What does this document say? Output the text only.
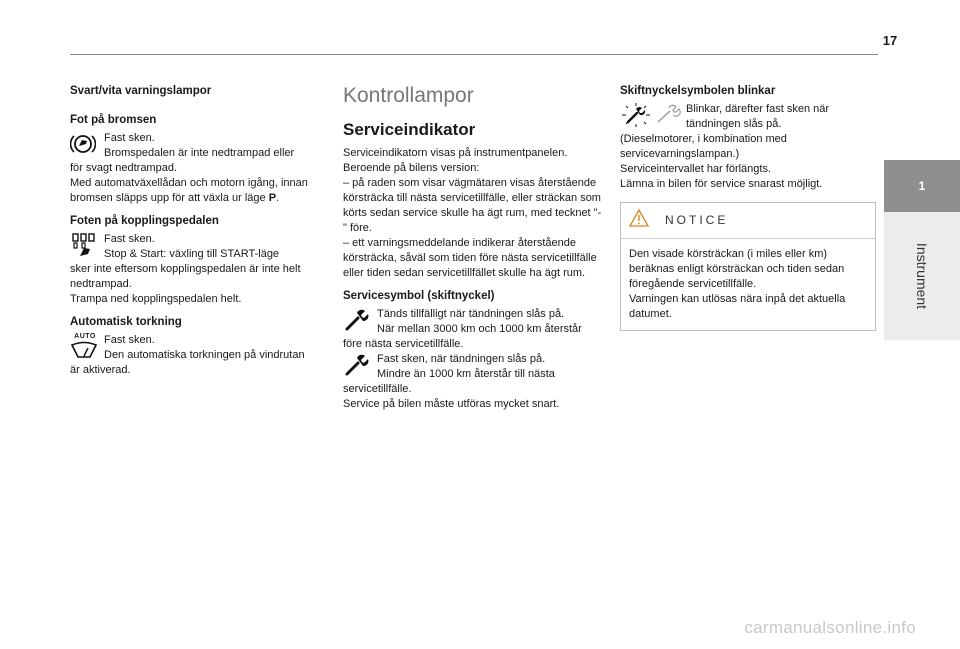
17
1
Instrument
Svart/vita varningslampor
Fot på bromsen
Fast sken.
Bromspedalen är inte nedtrampad eller
för svagt nedtrampad.
Med automatväxellådan och motorn igång, innan bromsen släpps upp för att växla ur läge P.
Foten på kopplingspedalen
Fast sken.
Stop & Start: växling till START-läge
sker inte eftersom kopplingspedalen är inte helt nedtrampad.
Trampa ned kopplingspedalen helt.
Automatisk torkning
AUTO Fast sken.
Den automatiska torkningen på vindrutan
är aktiverad.
Kontrollampor
Serviceindikator
Serviceindikatorn visas på instrumentpanelen.
Beroende på bilens version:
– på raden som visar vägmätaren visas återstående körsträcka till nästa servicetillfälle, eller sträckan som körts sedan service skulle ha ägt rum, med tecknet "-" före.
– ett varningsmeddelande indikerar återstående körsträcka, såväl som tiden före nästa servicetillfälle eller tiden sedan servicetillfället skulle ha ägt rum.
Servicesymbol (skiftnyckel)
Tänds tillfälligt när tändningen slås på.
När mellan 3000 km och 1000 km återstår
före nästa servicetillfälle.
Fast sken, när tändningen slås på.
Mindre än 1000 km återstår till nästa
servicetillfälle.
Service på bilen måste utföras mycket snart.
Skiftnyckelsymbolen blinkar
Blinkar, därefter fast sken när
tändningen slås på.
(Dieselmotorer, i kombination med servicevarningslampan.)
Serviceintervallet har förlängts.
Lämna in bilen för service snarast möjligt.
NOTICE
Den visade körsträckan (i miles eller km) beräknas enligt körsträckan och tiden sedan föregående servicetillfälle.
Varningen kan utlösas nära inpå det aktuella datumet.
carmanualsonline.info
